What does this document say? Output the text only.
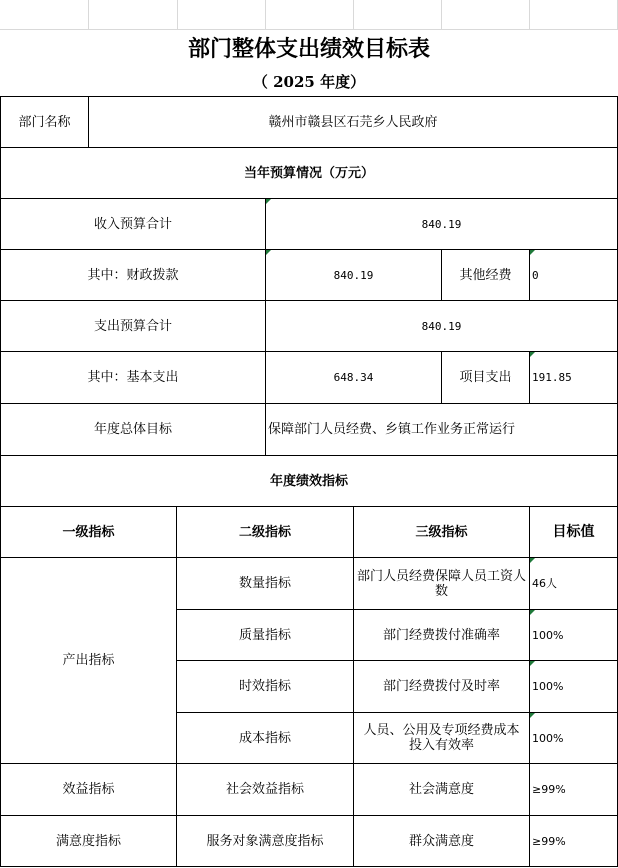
部门整体支出绩效目标表
（ 2025 年度）
部门名称	赣州市赣县区石芫乡人民政府
当年预算情况（万元）
收入预算合计	840.19
其中：财政拨款	840.19	其他经费	0
支出预算合计	840.19
其中：基本支出	648.34	项目支出	191.85
年度总体目标	保障部门人员经费、乡镇工作业务正常运行
年度绩效指标
一级指标	二级指标	三级指标	目标值
产出指标
数量指标	部门人员经费保障人员工资人数	46人
质量指标	部门经费拨付准确率	100%
时效指标	部门经费拨付及时率	100%
成本指标	人员、公用及专项经费成本投入有效率	100%
效益指标	社会效益指标	社会满意度	≥99%
满意度指标	服务对象满意度指标	群众满意度	≥99%
